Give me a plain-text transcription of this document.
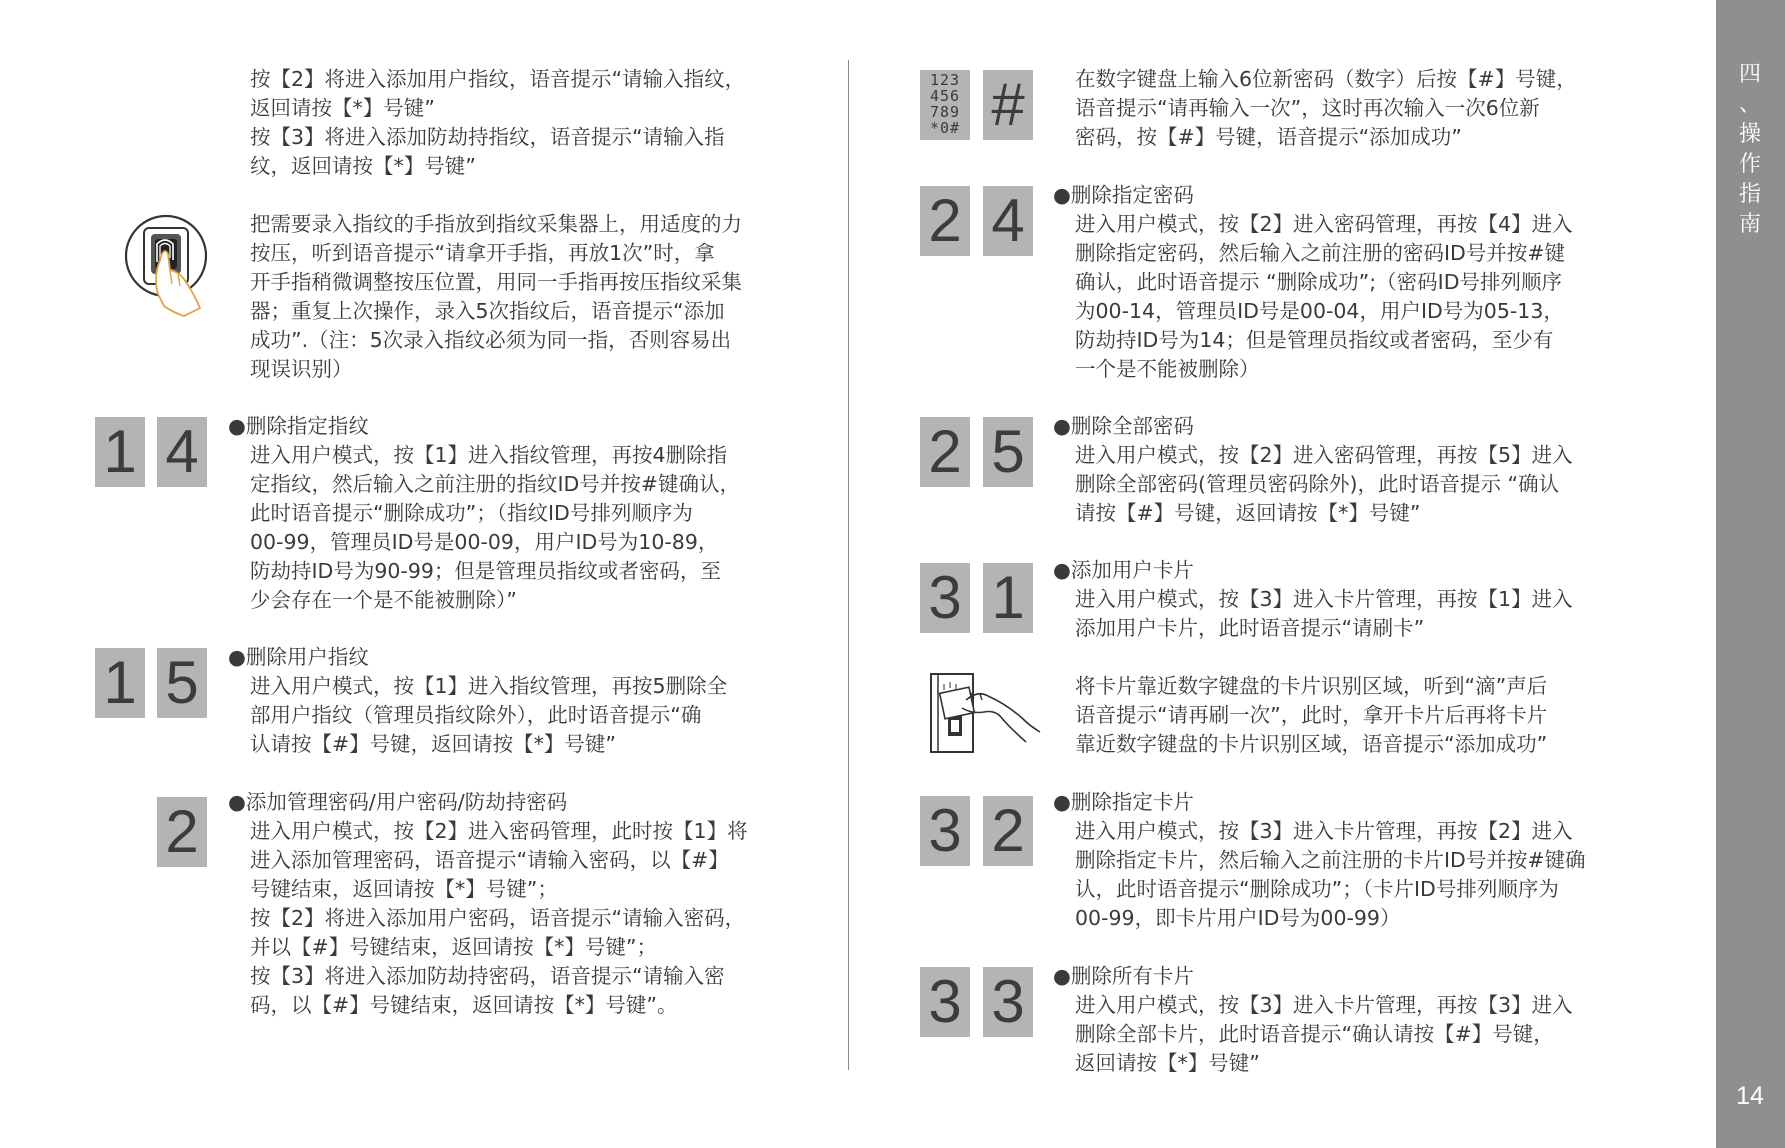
按【2】将进入添加用户指纹，语音提示“请输入指纹，
返回请按【*】号键”
按【3】将进入添加防劫持指纹，语音提示“请输入指
纹，返回请按【*】号键”
把需要录入指纹的手指放到指纹采集器上，用适度的力
按压，听到语音提示“请拿开手指，再放1次”时，拿
开手指稍微调整按压位置，用同一手指再按压指纹采集
器；重复上次操作，录入5次指纹后，语音提示“添加
成功”.（注：5次录入指纹必须为同一指，否则容易出
现误识别）
1 4	●删除指定指纹
进入用户模式，按【1】进入指纹管理，再按4删除指
定指纹，然后输入之前注册的指纹ID号并按#键确认，
此时语音提示“删除成功”；（指纹ID号排列顺序为
00-99，管理员ID号是00-09，用户ID号为10-89，
防劫持ID号为90-99；但是管理员指纹或者密码，至
少会存在一个是不能被删除）”
1 5	●删除用户指纹
进入用户模式，按【1】进入指纹管理，再按5删除全
部用户指纹（管理员指纹除外），此时语音提示“确
认请按【#】号键，返回请按【*】号键”
2	●添加管理密码/用户密码/防劫持密码
进入用户模式，按【2】进入密码管理，此时按【1】将
进入添加管理密码，语音提示“请输入密码，以【#】
号键结束，返回请按【*】号键”；
按【2】将进入添加用户密码，语音提示“请输入密码，
并以【#】号键结束，返回请按【*】号键”；
按【3】将进入添加防劫持密码，语音提示“请输入密
码，以【#】号键结束，返回请按【*】号键”。
123
456
789
*0# #	在数字键盘上输入6位新密码（数字）后按【#】号键，
语音提示“请再输入一次”，这时再次输入一次6位新
密码，按【#】号键，语音提示“添加成功”
2 4	●删除指定密码
进入用户模式，按【2】进入密码管理，再按【4】进入
删除指定密码，然后输入之前注册的密码ID号并按#键
确认，此时语音提示 “删除成功”;（密码ID号排列顺序
为00-14，管理员ID号是00-04，用户ID号为05-13，
防劫持ID号为14；但是管理员指纹或者密码，至少有
一个是不能被删除）
2 5	●删除全部密码
进入用户模式，按【2】进入密码管理，再按【5】进入
删除全部密码(管理员密码除外)，此时语音提示 “确认
请按【#】号键，返回请按【*】号键”
3 1	●添加用户卡片
进入用户模式，按【3】进入卡片管理，再按【1】进入
添加用户卡片，此时语音提示“请刷卡”
将卡片靠近数字键盘的卡片识别区域，听到“滴”声后
语音提示“请再刷一次”，此时，拿开卡片后再将卡片
靠近数字键盘的卡片识别区域，语音提示“添加成功”
3 2	●删除指定卡片
进入用户模式，按【3】进入卡片管理，再按【2】进入
删除指定卡片，然后输入之前注册的卡片ID号并按#键确
认，此时语音提示“删除成功”；（卡片ID号排列顺序为
00-99，即卡片用户ID号为00-99）
3 3	●删除所有卡片
进入用户模式，按【3】进入卡片管理，再按【3】进入
删除全部卡片，此时语音提示“确认请按【#】号键，
返回请按【*】号键”
四
、
操
作
指
南
14
